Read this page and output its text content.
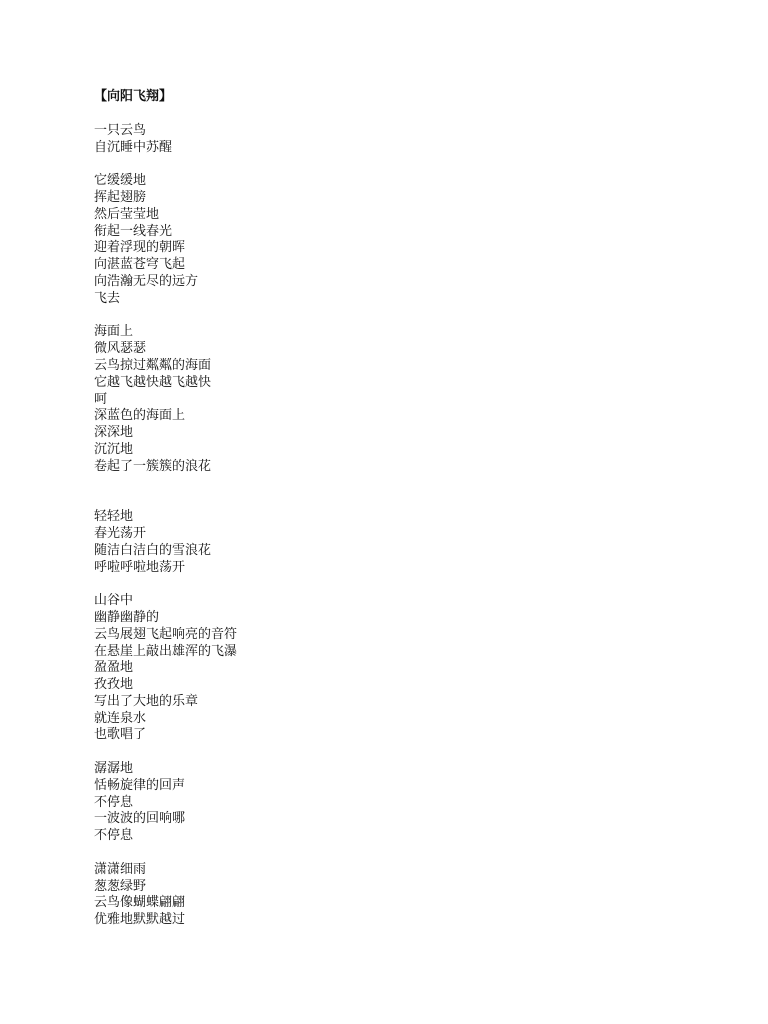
【向阳飞翔】
一只云鸟
自沉睡中苏醒
它缓缓地
挥起翅膀
然后莹莹地
衔起一线春光
迎着浮现的朝晖
向湛蓝苍穹飞起
向浩瀚无尽的远方
飞去
海面上
微风瑟瑟
云鸟掠过粼粼的海面
它越飞越快越飞越快
呵
深蓝色的海面上
深深地
沉沉地
卷起了一簇簇的浪花
轻轻地
春光荡开
随洁白洁白的雪浪花
呼啦呼啦地荡开
山谷中
幽静幽静的
云鸟展翅飞起响亮的音符
在悬崖上敲出雄浑的飞瀑
盈盈地
孜孜地
写出了大地的乐章
就连泉水
也歌唱了
潺潺地
恬畅旋律的回声
不停息
一波波的回响哪
不停息
潇潇细雨
葱葱绿野
云鸟像蝴蝶翩翩
优雅地默默越过
